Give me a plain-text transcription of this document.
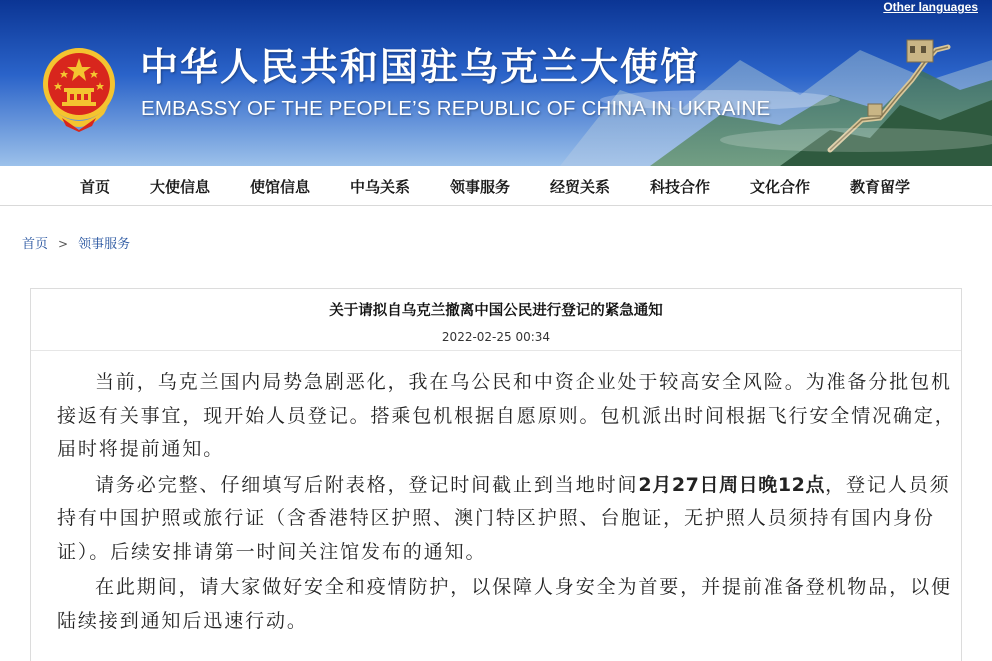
Other languages
中华人民共和国驻乌克兰大使馆
EMBASSY OF THE PEOPLE’S REPUBLIC OF CHINA IN UKRAINE
首页	大使信息	使馆信息	中乌关系	领事服务	经贸关系	科技合作	文化合作	教育留学
首页 > 领事服务
关于请拟自乌克兰撤离中国公民进行登记的紧急通知
2022-02-25 00:34

当前，乌克兰国内局势急剧恶化，我在乌公民和中资企业处于较高安全风险。为准备分批包机接返有关事宜，现开始人员登记。搭乘包机根据自愿原则。包机派出时间根据飞行安全情况确定，届时将提前通知。

请务必完整、仔细填写后附表格，登记时间截止到当地时间2月27日周日晚12点，登记人员须持有中国护照或旅行证（含香港特区护照、澳门特区护照、台胞证，无护照人员须持有国内身份证）。后续安排请第一时间关注馆发布的通知。

在此期间，请大家做好安全和疫情防护，以保障人身安全为首要，并提前准备登机物品，以便陆续接到通知后迅速行动。
